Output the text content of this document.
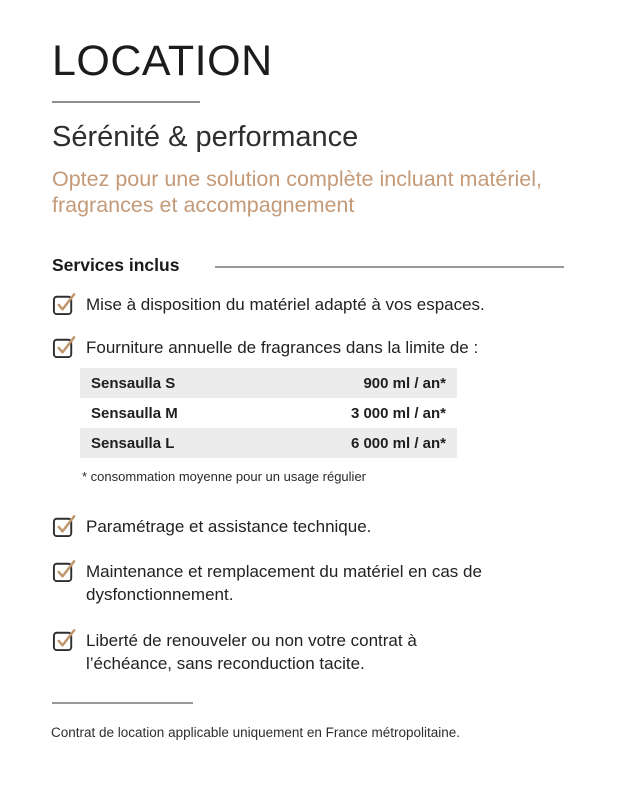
LOCATION
Sérénité & performance
Optez pour une solution complète incluant matériel, fragrances et accompagnement
Services inclus
Mise à disposition du matériel adapté à vos espaces.
Fourniture annuelle de fragrances dans la limite de :
Sensaulla S	900 ml / an*
Sensaulla M	3 000 ml / an*
Sensaulla L	6 000 ml / an*
* consommation moyenne pour un usage régulier
Paramétrage et assistance technique.
Maintenance et remplacement du matériel en cas de dysfonctionnement.
Liberté de renouveler ou non votre contrat à l’échéance, sans reconduction tacite.
Contrat de location applicable uniquement en France métropolitaine.
